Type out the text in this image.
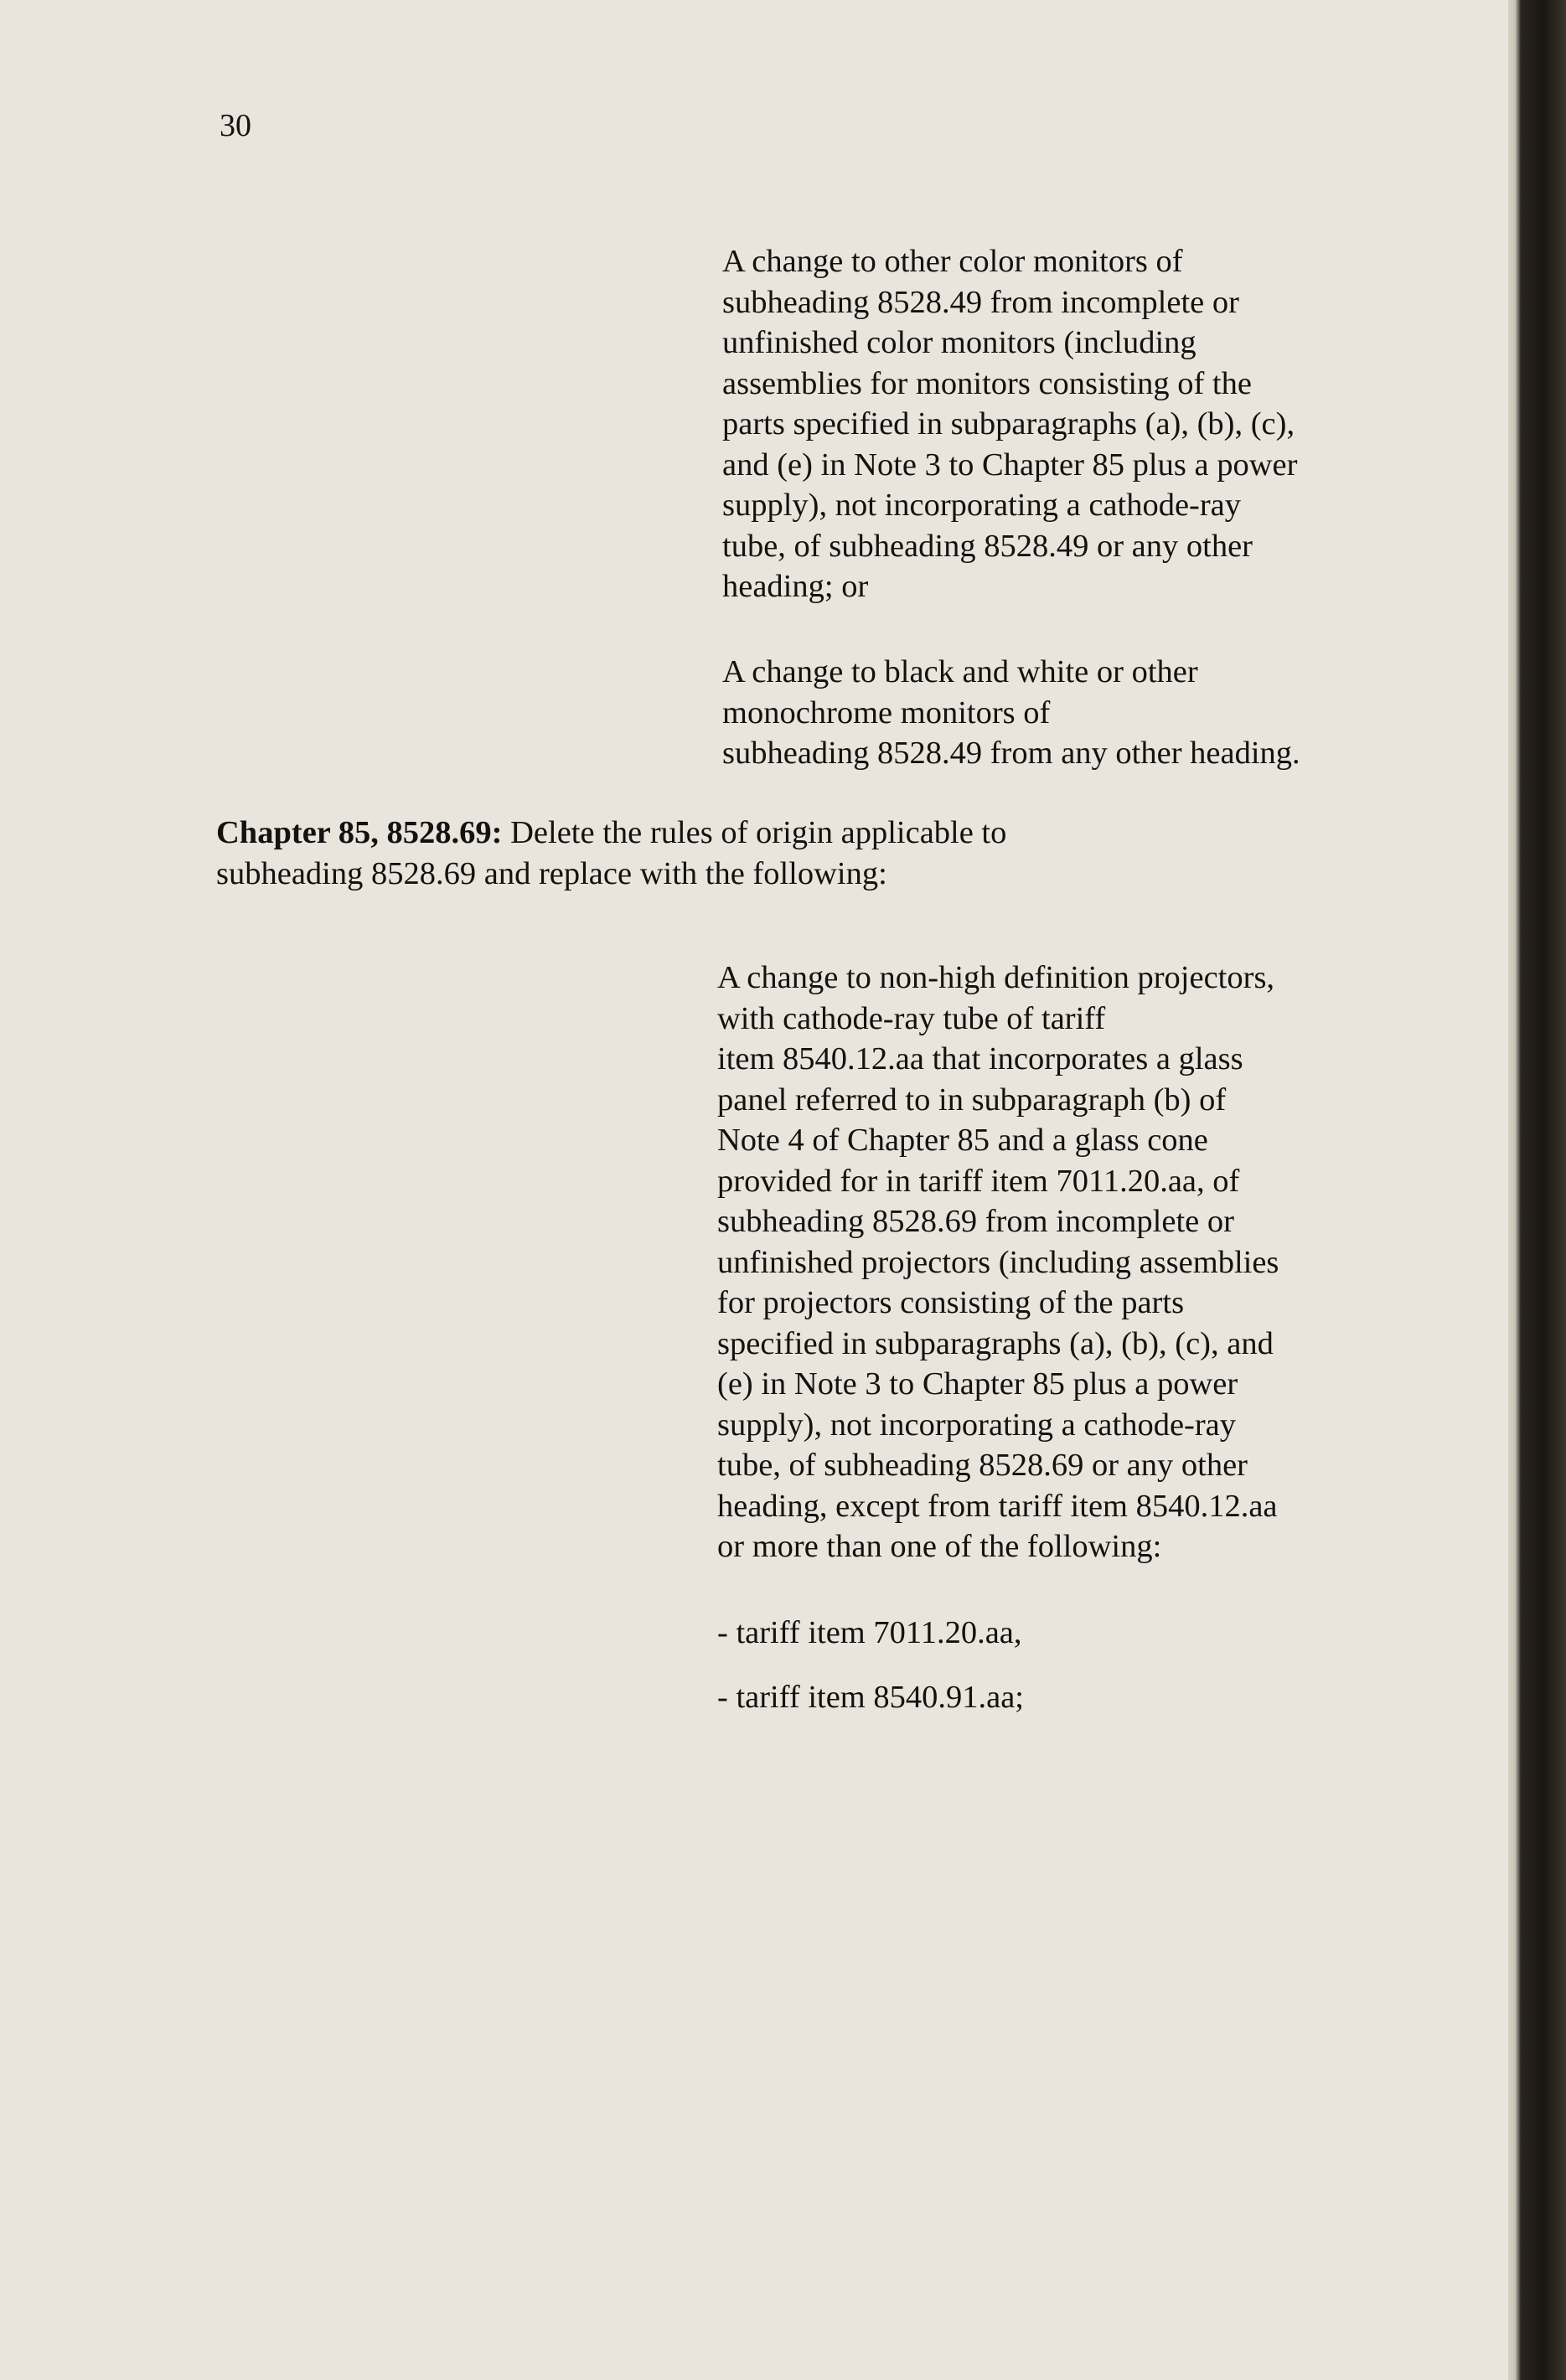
30

A change to other color monitors of

subheading 8528.49 from incomplete or

unfinished color monitors (including

assemblies for monitors consisting of the

parts specified in subparagraphs (a), (b), (c),

and (e) in Note 3 to Chapter 85 plus a power

supply), not incorporating a cathode-ray

tube, of subheading 8528.49 or any other

heading; or

A change to black and white or other

monochrome monitors of

subheading 8528.49 from any other heading.

Chapter 85, 8528.69: Delete the rules of origin applicable to

subheading 8528.69 and replace with the following:

A change to non-high definition projectors,

with cathode-ray tube of tariff

item 8540.12.aa that incorporates a glass

panel referred to in subparagraph (b) of

Note 4 of Chapter 85 and a glass cone

provided for in tariff item 7011.20.aa, of

subheading 8528.69 from incomplete or

unfinished projectors (including assemblies

for projectors consisting of the parts

specified in subparagraphs (a), (b), (c), and

(e) in Note 3 to Chapter 85 plus a power

supply), not incorporating a cathode-ray

tube, of subheading 8528.69 or any other

heading, except from tariff item 8540.12.aa

or more than one of the following:

- tariff item 7011.20.aa,
- tariff item 8540.91.aa;
